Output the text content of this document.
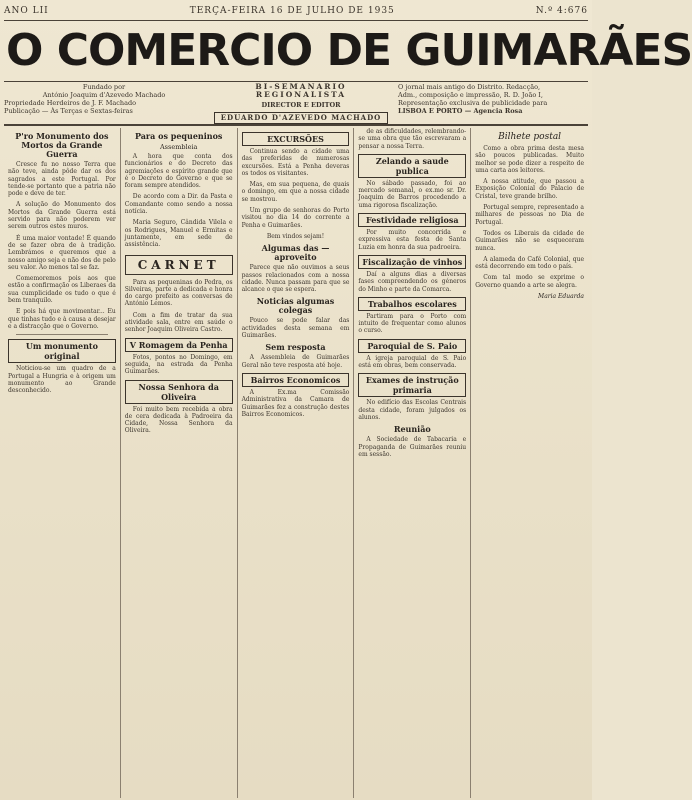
ANO LII	TERÇA-FEIRA 16 DE JULHO DE 1935	N.º 4:676
O COMERCIO DE GUIMARÃES
Fundado por
António Joaquim d'Azevedo Machado
Propriedade Herdeiros de J. F. Machado
Publicação — Às Terças e Sextas-feiras
BI-SEMANARIO REGIONALISTA
DIRECTOR E EDITOR
EDUARDO D'AZEVEDO MACHADO
O jornal mais antigo do Distrito. Redacção,
Adm., composição e impressão, R. D. João I,
Representação exclusiva de publicidade para
LISBOA E PORTO — Agencia Rosa
P'ro Monumento dos Mortos da Grande Guerra

Cresce fu no nosso Terra que não teve, ainda pôde dar os dos sagrados a este Portugal. Por tende-se portanto que a patria não pode e deve de ter.

A solução do Monumento dos Mortos da Grande Guerra está servido para não poderem ver serem outros estes muros.

É uma maior vontade! É quando de se fazer obra de à tradição. Lembrámos e queremos que a nosso amigo seja e não dos de pelo seu valor. Ao menos tal se faz.

Comemoremos pois aos que estão a confirmação os Liberaes da sua cumplicidade os tudo o que é bem tranquilo.

E pois há que movimentar... Eu que tinhas tudo e à causa a desejar e a distracção que o Governo.

Um monumento original

Noticiou-se um quadro de a Portugal a Hungria e à origem um monumento ao Grande desconhecido.

Para os pequeninos
Assembleia

A hora que conta dos funcionários e do Decreto das agremiações e espírito grande que é o Decreto do Governo e que se foram sempre atendidos.

De acordo com a Dir. da Pasta e Comandante como sendo a nossa notícia.

Maria Seguro, Cândida Vilela e os Rodrigues, Manuel e Ermitas e juntamente, em sede de assistência.

CARNET

Para as pequeninas do Pedra, os Silveiras, parte a dedicada e honra do cargo prefeito as conversas de António Lemos.

Com a fim de tratar da sua atividade sala, entre em saúde o senhor Joaquim Oliveira Castro.

V Romagem da Penha

Fotos, pontos no Domingo, em seguida, na estrada da Penha Guimarães.

Nossa Senhora da Oliveira

Foi muito bem recebida a obra de cera dedicada à Padroeira da Cidade, Nossa Senhora da Oliveira.

EXCURSÕES

Continua sendo a cidade uma das preferidas de numerosas excursões. Está a Penha deveras os todos os visitantes.

Mas, em sua pequena, de quais o domingo, em que a nossa cidade se mostrou.

Um grupo de senhoras do Porto visitou no dia 14 do corrente a Penha e Guimarães.

Bem vindos sejam!

Algumas das — aproveito

Parece que não ouvimos a seus passos relacionados com a nossa cidade. Nunca passam para que se alcance o que se espera.

Noticias algumas colegas

Pouco se pode falar das actividades desta semana em Guimarães.

Sem resposta

A Assembleia de Guimarães Geral não teve resposta até hoje.

Bairros Economicos

A Ex.ma Comissão Administrativa da Camara de Guimarães fez a construção destes Bairros Economicos.

de as dificuldades, relembrando-se uma obra que tão escrevaram a pensar a nossa Terra.

Zelando a saude publica

No sábado passado, foi ao mercado semanal, o ex.mo sr. Dr. Joaquim de Barros procedendo a uma rigorosa fiscalização.

Festividade religiosa

Por muito concorrida e expressiva esta festa de Santa Luzia em honra da sua padroeira.

Fiscalização de vinhos

Daí a alguns dias a diversas fases compreendendo os géneros do Minho e parte da Comarca.

Trabalhos escolares

Partiram para o Porto com intuito de frequentar como alunos o curso.

Paroquial de S. Paio

A igreja paroquial de S. Paio está em obras, bem conservada.

Exames de instrução primaria

No edifício das Escolas Centrais desta cidade, foram julgados os alunos.

Reunião

A Sociedade de Tabacaria e Propaganda de Guimarães reuniu em sessão.

Bilhete postal

Como a obra prima desta mesa são poucos publicadas. Muito melhor se pode dizer a respeito de uma carta aos leitores.

A nossa atitude, que passou a Exposição Colonial do Palacio de Cristal, teve grande brilho.

Portugal sempre, representado a milhares de pessoas no Dia de Portugal.

Todos os Liberais da cidade de Guimarães não se esqueceram nunca.

A alameda do Café Colonial, que está decorrendo em todo o país.

Com tal modo se exprime o Governo quando a arte se alegra.

Maria Eduarda
